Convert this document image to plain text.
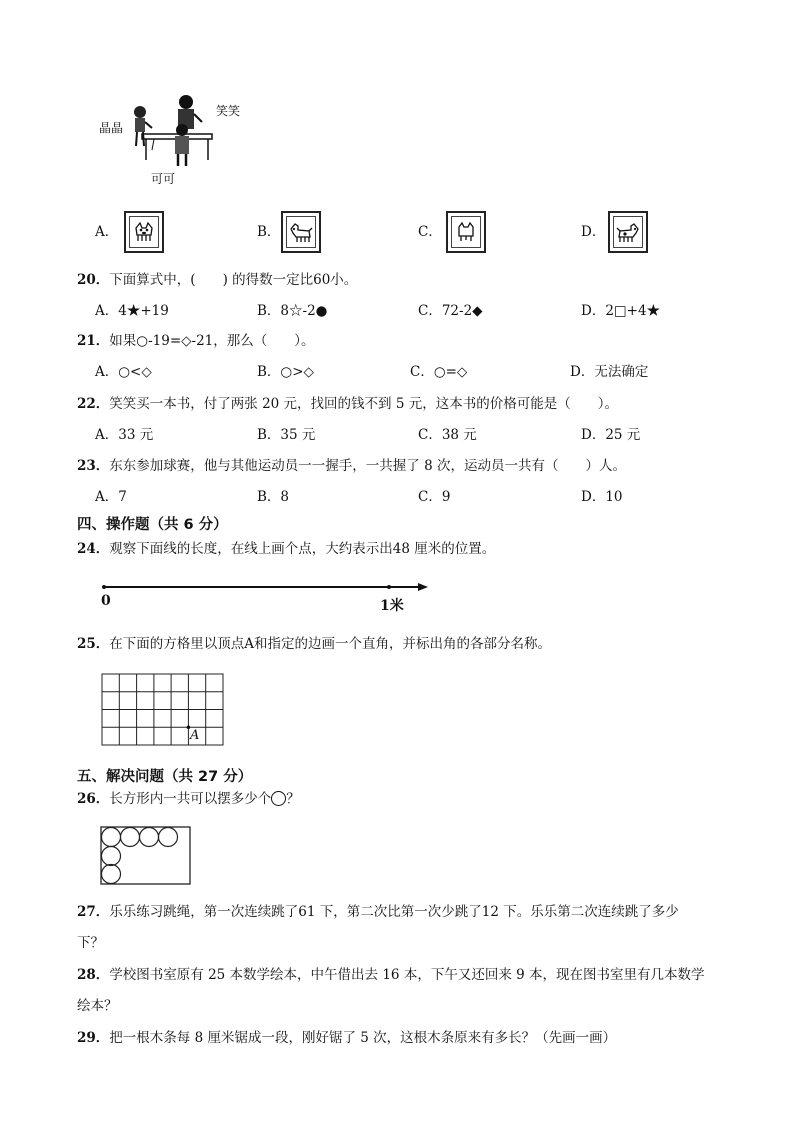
晶晶
笑笑
可可
A．	B．	C．	D．
20．下面算式中，(　　) 的得数一定比60小。
A．4★+19	B．8☆-2●	C．72-2◆	D．2□+4★
21．如果○-19=◇-21，那么（　　）。
A．○<◇	B．○>◇	C．○=◇	D．无法确定
22．笑笑买一本书，付了两张 20 元，找回的钱不到 5 元，这本书的价格可能是（　　）。
A．33 元	B．35 元	C．38 元	D．25 元
23．东东参加球赛，他与其他运动员一一握手，一共握了 8 次，运动员一共有（　　）人。
A．7	B．8	C．9	D．10
四、操作题（共 6 分）
24．观察下面线的长度，在线上画个点，大约表示出48 厘米的位置。
0	1米
25．在下面的方格里以顶点A和指定的边画一个直角，并标出角的各部分名称。
A
五、解决问题（共 27 分）
26．长方形内一共可以摆多少个 ？
27．乐乐练习跳绳，第一次连续跳了61 下，第二次比第一次少跳了12 下。乐乐第二次连续跳了多少
下？
28．学校图书室原有 25 本数学绘本，中午借出去 16 本，下午又还回来 9 本，现在图书室里有几本数学
绘本？
29．把一根木条每 8 厘米锯成一段，刚好锯了 5 次，这根木条原来有多长？（先画一画）
